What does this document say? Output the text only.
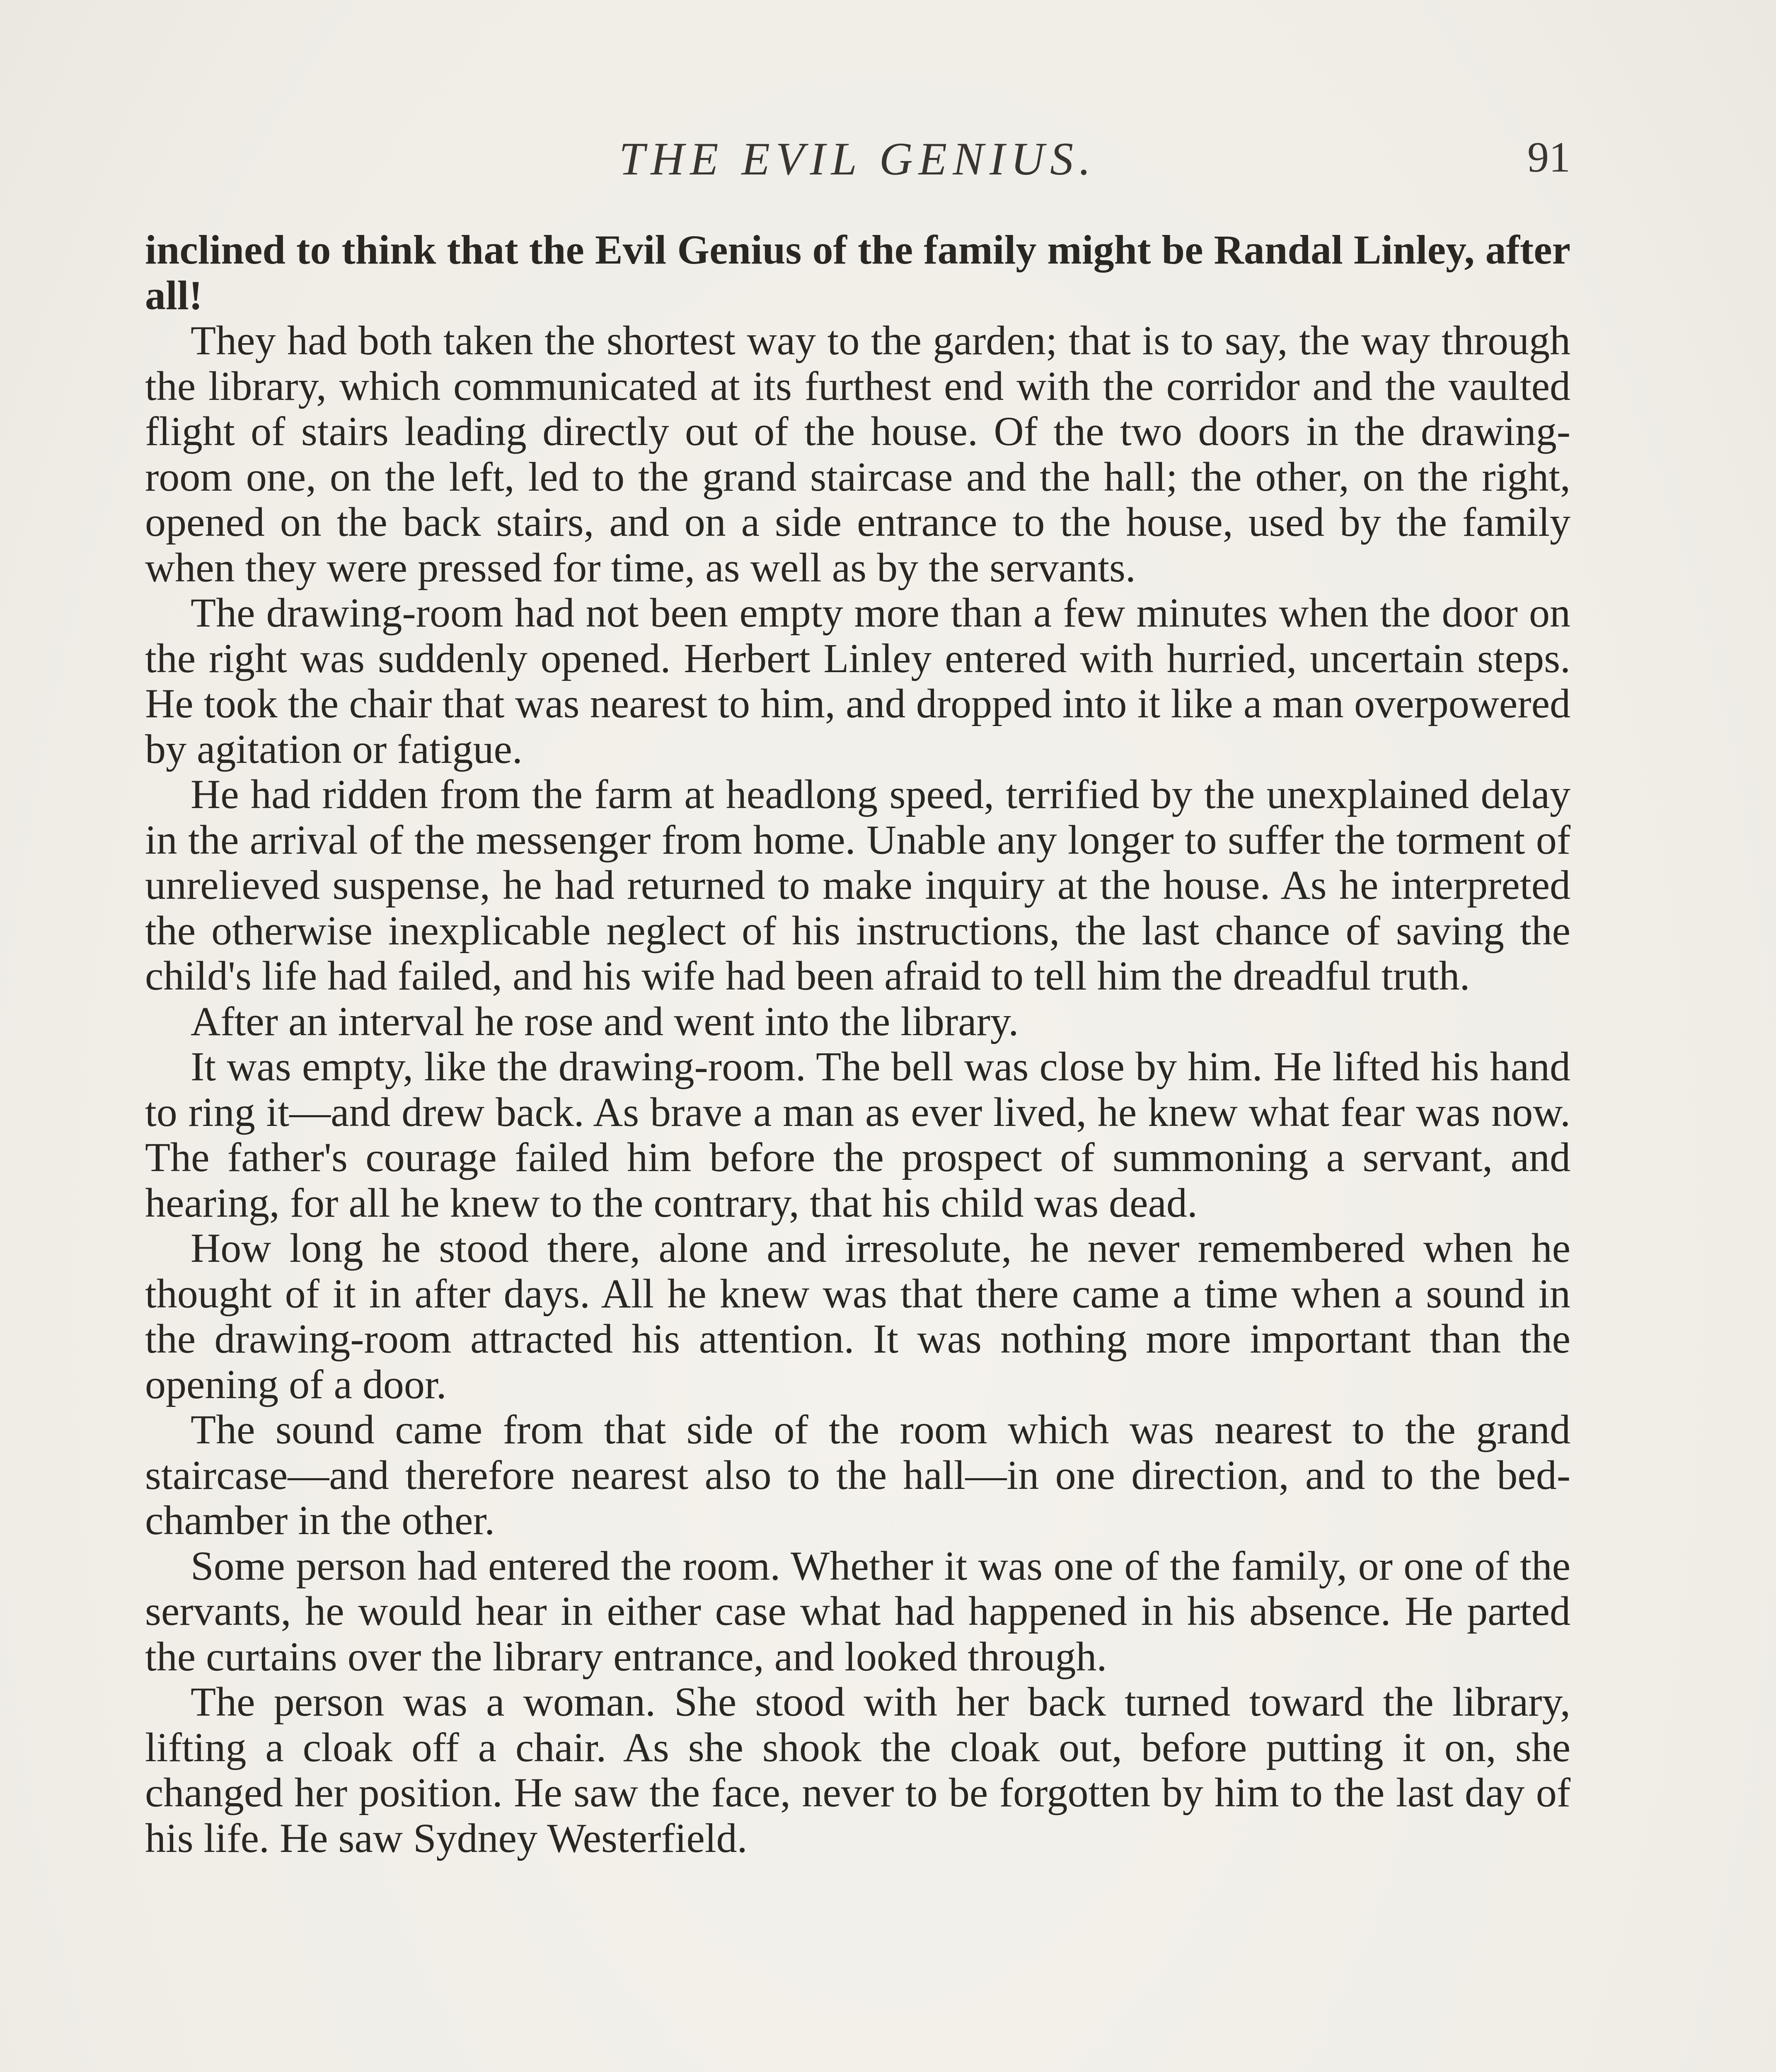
THE EVIL GENIUS.	91

inclined to think that the Evil Genius of the family might be Randal Linley, after all!

They had both taken the shortest way to the garden; that is to say, the way through the library, which communicated at its furthest end with the corridor and the vaulted flight of stairs leading directly out of the house. Of the two doors in the drawing-room one, on the left, led to the grand staircase and the hall; the other, on the right, opened on the back stairs, and on a side entrance to the house, used by the family when they were pressed for time, as well as by the servants.

The drawing-room had not been empty more than a few minutes when the door on the right was suddenly opened. Herbert Linley entered with hurried, uncertain steps. He took the chair that was nearest to him, and dropped into it like a man overpowered by agitation or fatigue.

He had ridden from the farm at headlong speed, terrified by the unexplained delay in the arrival of the messenger from home. Unable any longer to suffer the torment of unrelieved suspense, he had returned to make inquiry at the house. As he interpreted the otherwise inexplicable neglect of his instructions, the last chance of saving the child's life had failed, and his wife had been afraid to tell him the dreadful truth.

After an interval he rose and went into the library.

It was empty, like the drawing-room. The bell was close by him. He lifted his hand to ring it—and drew back. As brave a man as ever lived, he knew what fear was now. The father's courage failed him before the prospect of summoning a servant, and hearing, for all he knew to the contrary, that his child was dead.

How long he stood there, alone and irresolute, he never remembered when he thought of it in after days. All he knew was that there came a time when a sound in the drawing-room attracted his attention. It was nothing more important than the opening of a door.

The sound came from that side of the room which was nearest to the grand staircase—and therefore nearest also to the hall—in one direction, and to the bed-chamber in the other.

Some person had entered the room. Whether it was one of the family, or one of the servants, he would hear in either case what had happened in his absence. He parted the curtains over the library entrance, and looked through.

The person was a woman. She stood with her back turned toward the library, lifting a cloak off a chair. As she shook the cloak out, before putting it on, she changed her position. He saw the face, never to be forgotten by him to the last day of his life. He saw Sydney Westerfield.
